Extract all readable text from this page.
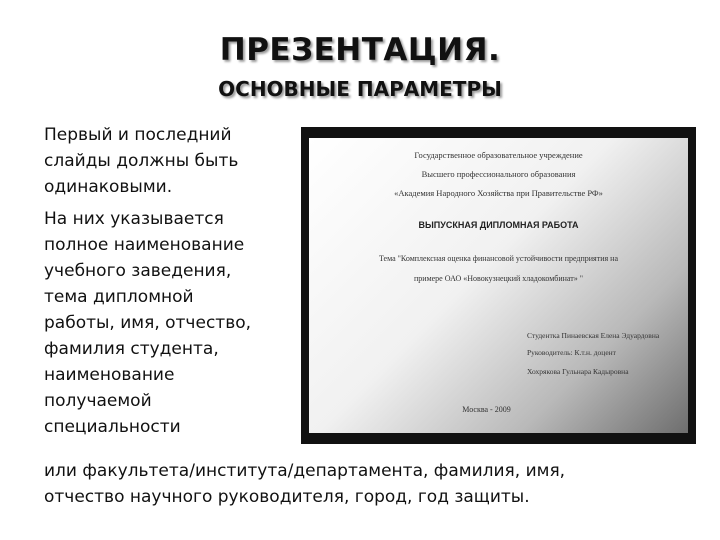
ПРЕЗЕНТАЦИЯ.
ОСНОВНЫЕ ПАРАМЕТРЫ

Первый и последний
слайды должны быть
одинаковыми.

На них указывается
полное наименование
учебного заведения,
тема дипломной
работы, имя, отчество,
фамилия студента,
наименование
получаемой
специальности

или факультета/института/департамента, фамилия, имя,
отчество научного руководителя, город, год защиты.
Государственное образовательное учреждение
Высшего профессионального образования
«Академия Народного Хозяйства при Правительстве РФ»
ВЫПУСКНАЯ ДИПЛОМНАЯ РАБОТА
Тема "Комплексная оценка финансовой устойчивости предприятия на
примере ОАО «Новокузнецкий хладокомбинат» "
Студентка Пинаевская Елена Эдуардовна
Руководитель: К.т.н. доцент
Хохрякова Гульнара Кадыровна
Москва - 2009
